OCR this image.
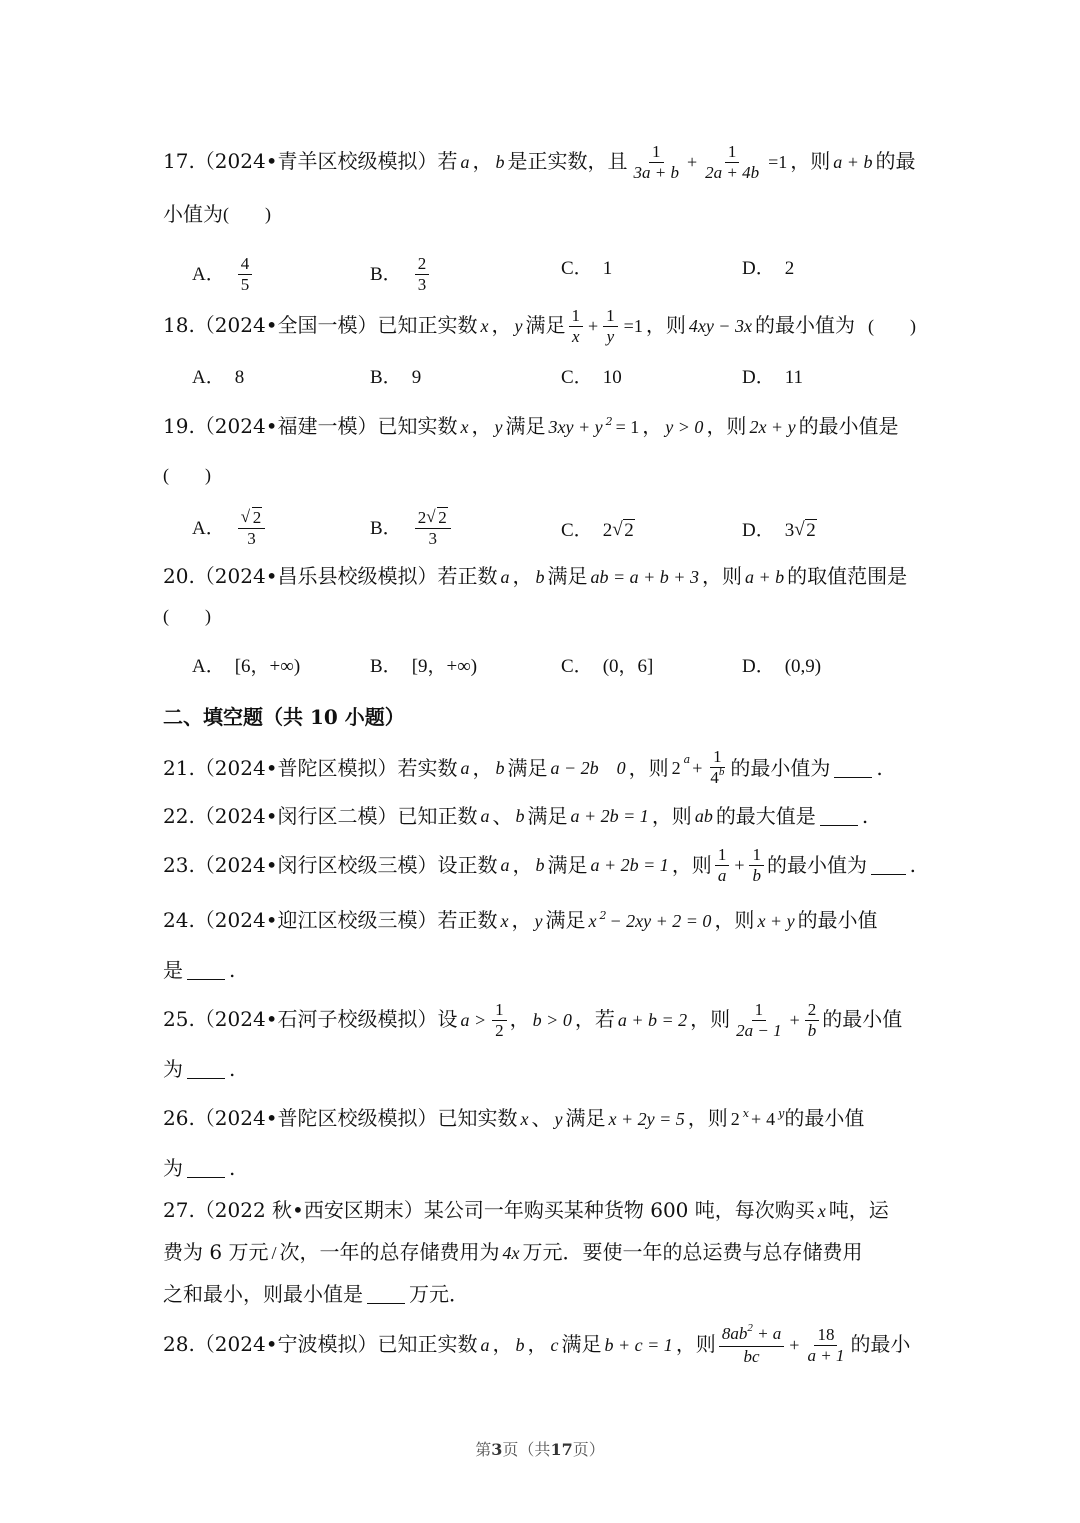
17.（2024•青羊区校级模拟）若 a ， b 是正实数，且 $\frac{1}{3a + b} + \frac{1}{2a + 4b} =1$ ，则 a + b 的最
小值为 (　　)
A． $\frac{4}{5}$	B． $\frac{2}{3}$	C． 1	D． 2
18.（2024•全国一模）已知正实数 x ， y 满足 $\frac{1}{x} + \frac{1}{y} =1$ ，则 4xy − 3x 的最小值为 (　　)
A． 8	B． 9	C． 10	D． 11
19.（2024•福建一模）已知实数 x ， y 满足 3xy + y $^2$ = 1 ， y > 0 ，则 2x + y 的最小值是
(　　)
A． √ $\frac{2}{3}$	B． $\frac{2 √ 2}{3}$	C． 2 √ 2	D． 3 √ 2
20.（2024•昌乐县校级模拟）若正数 a ， b 满足 ab = a + b + 3 ，则 a + b 的取值范围是
(　　)
A． [6，+∞)	B． [9，+∞)	C． (0，6]	D． (0,9)
二、填空题（共 10 小题）
21.（2024•普陀区模拟）若实数 a ， b 满足 a − 2b　0 ，则 2 $a + \frac{1}{4^b}$ 的最小值为 .
22.（2024•闵行区二模）已知正数 a 、 b 满足 a + 2b = 1 ，则 ab 的最大值是 .
23.（2024•闵行区校级三模）设正数 a ， b 满足 a + 2b = 1 ，则 $\frac{1}{a} + \frac{1}{b}$ 的最小值为 .
24.（2024•迎江区校级三模）若正数 x ， y 满足 x $^2$ − 2xy + 2 = 0 ，则 x + y 的最小值
是 .
25.（2024•石河子校级模拟）设 $a > \frac{1}{2}$ ， b > 0 ，若 a + b = 2 ，则 $\frac{1}{2a - 1} + \frac{2}{b}$ 的最小值
为 .
26.（2024•普陀区校级模拟）已知实数 x 、 y 满足 x + 2y = 5 ，则 2 $^x$ + 4 $^y$的最小值
为 .
27.（2022 秋•西安区期末）某公司一年购买某种货物 600 吨，每次购买 x 吨，运
费为 6 万元 / 次，一年的总存储费用为 4x 万元．要使一年的总运费与总存储费用
之和最小，则最小值是 万元．
28.（2024•宁波模拟）已知正实数 a ， b ， c 满足 b + c = 1 ，则 $\frac{8ab^2 + a}{bc} + \frac{18}{a + 1}$ 的最小
第3页（共17页）
